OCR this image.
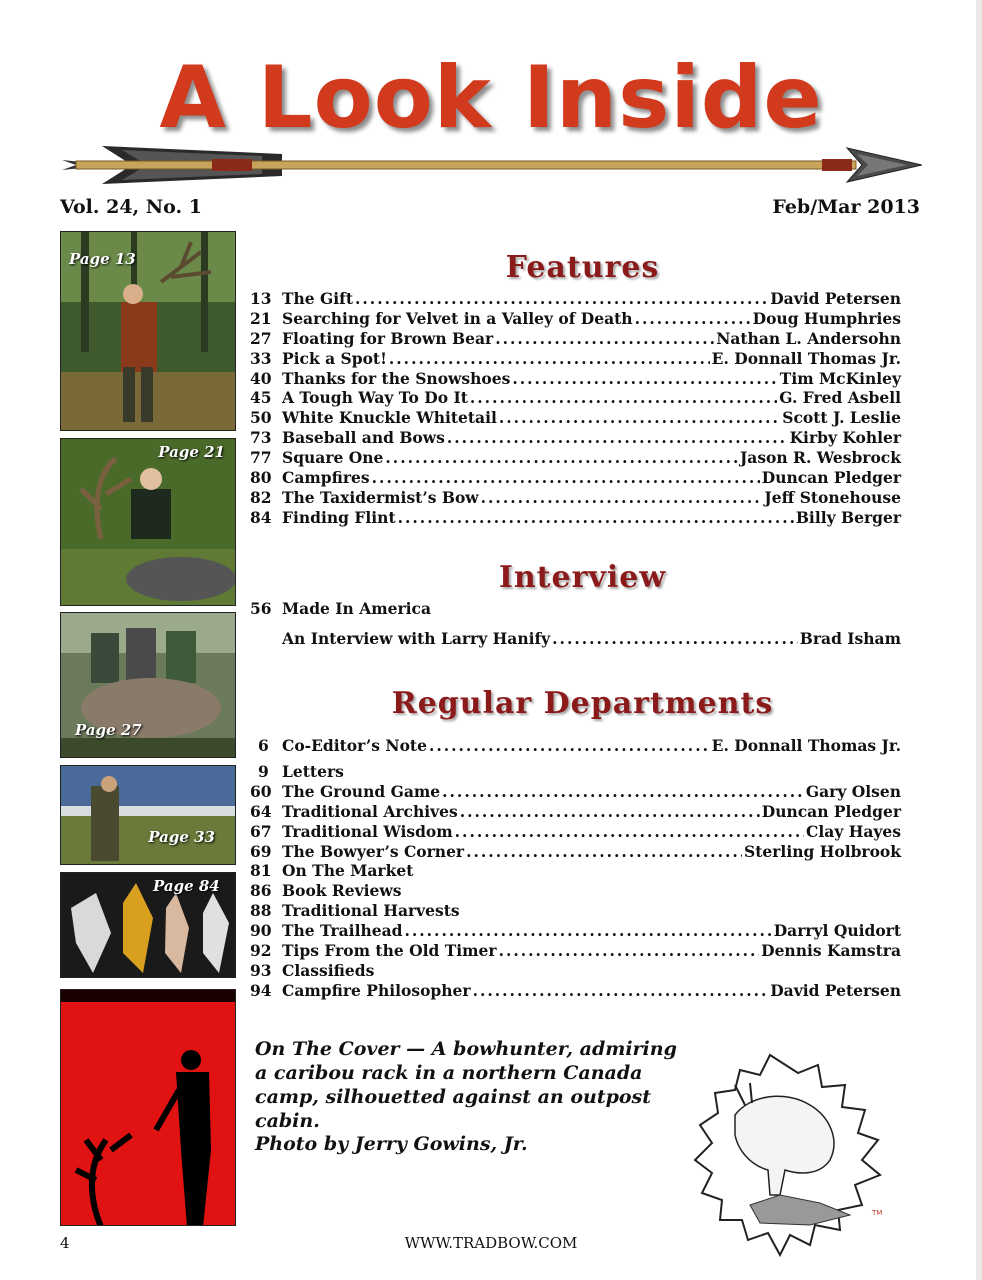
A Look Inside
Vol. 24, No. 1	Feb/Mar 2013
Page 13
Page 21
Page 27
Page 33
Page 84
Features
13 The Gift .....	David Petersen
21 Searching for Velvet in a Valley of Death .....	Doug Humphries
27 Floating for Brown Bear .....	Nathan L. Andersohn
33 Pick a Spot! .....	E. Donnall Thomas Jr.
40 Thanks for the Snowshoes .....	Tim McKinley
45 A Tough Way To Do It .....	G. Fred Asbell
50 White Knuckle Whitetail .....	Scott J. Leslie
73 Baseball and Bows .....	Kirby Kohler
77 Square One .....	Jason R. Wesbrock
80 Campfires .....	Duncan Pledger
82 The Taxidermist’s Bow .....	Jeff Stonehouse
84 Finding Flint .....	Billy Berger
Interview
56 Made In America
An Interview with Larry Hanify .....	Brad Isham
Regular Departments
6 Co-Editor’s Note .....	E. Donnall Thomas Jr.
9 Letters
60 The Ground Game .....	Gary Olsen
64 Traditional Archives .....	Duncan Pledger
67 Traditional Wisdom .....	Clay Hayes
69 The Bowyer’s Corner .....	Sterling Holbrook
81 On The Market
86 Book Reviews
88 Traditional Harvests
90 The Trailhead .....	Darryl Quidort
92 Tips From the Old Timer .....	Dennis Kamstra
93 Classifieds
94 Campfire Philosopher .....	David Petersen
On The Cover — A bowhunter, admiring a caribou rack in a northern Canada camp, silhouetted against an outpost cabin.
Photo by Jerry Gowins, Jr.
TM
4	WWW.TRADBOW.COM
